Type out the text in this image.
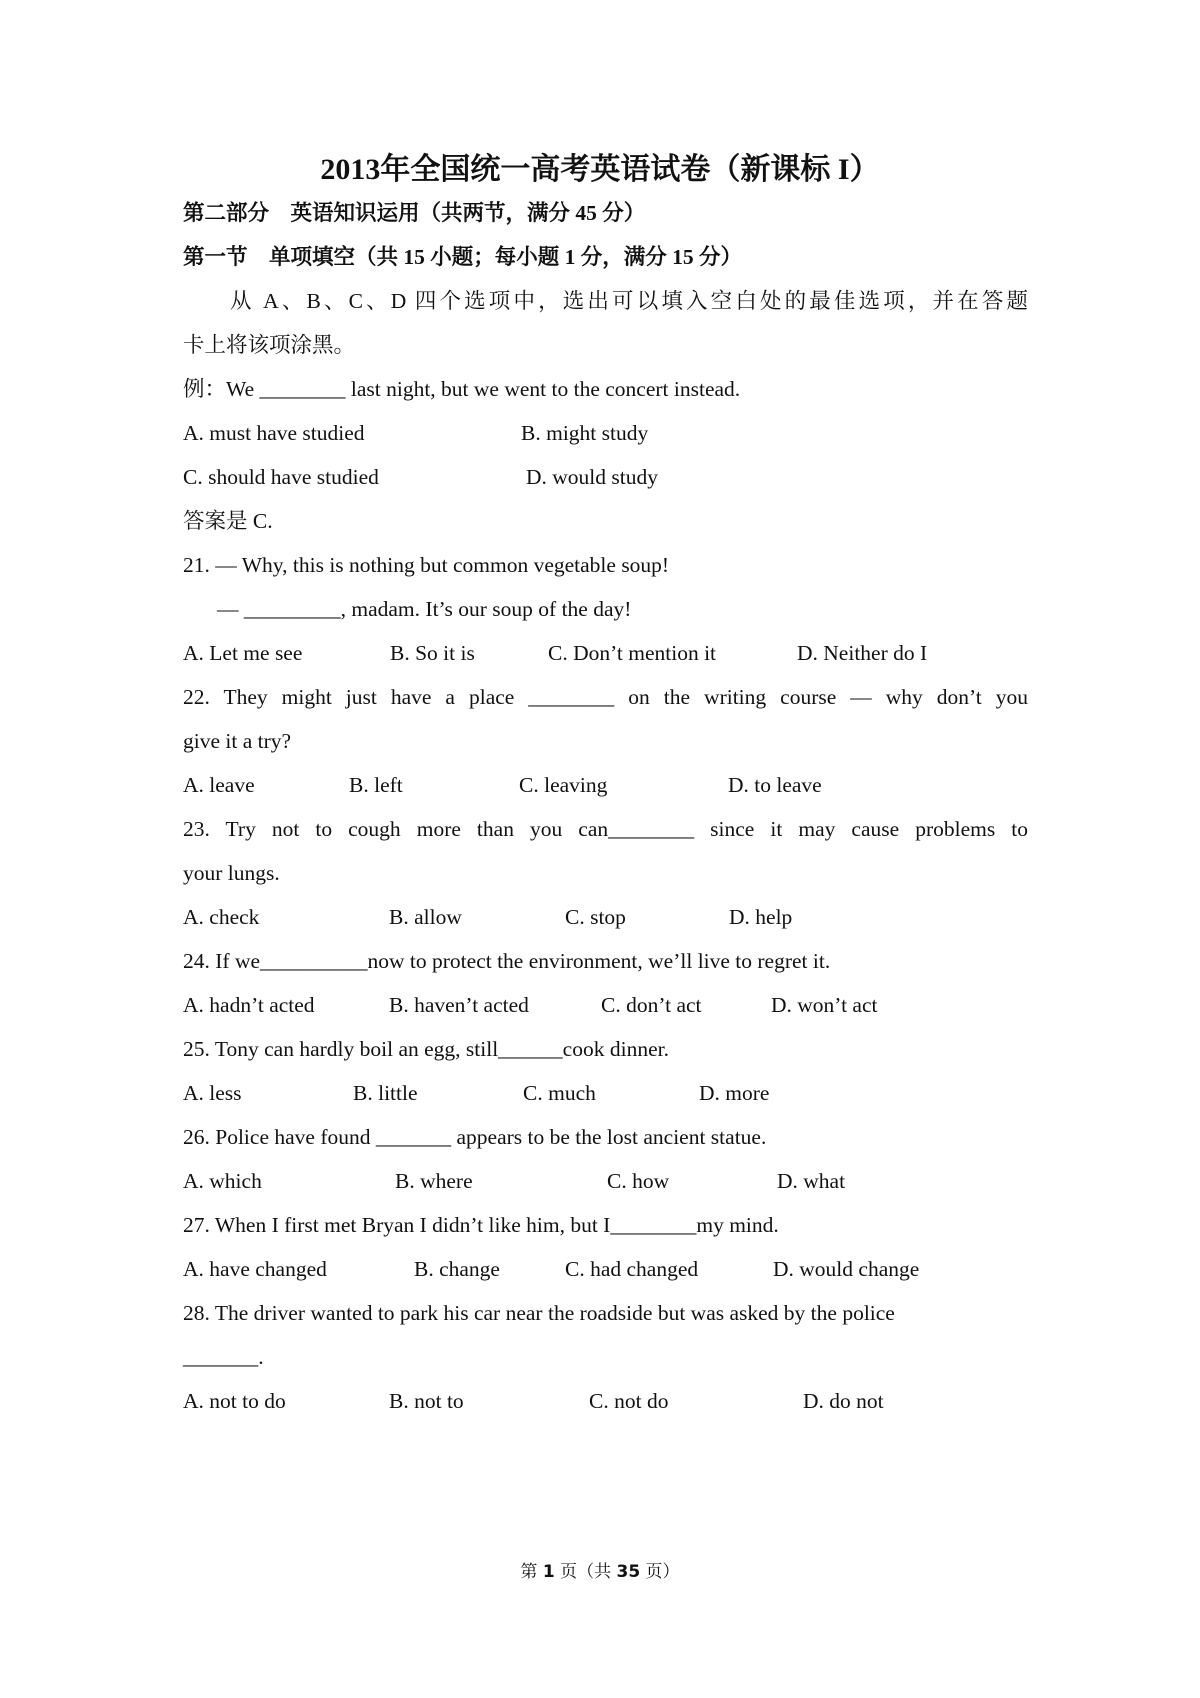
2013年全国统一高考英语试卷（新课标 I）
第二部分　英语知识运用（共两节，满分 45 分）
第一节　单项填空（共 15 小题；每小题 1 分，满分 15 分）
从 A、B、C、D 四个选项中，选出可以填入空白处的最佳选项，并在答题
卡上将该项涂黑。
例：We ________ last night, but we went to the concert instead.
A. must have studied	B. might study
C. should have studied	D. would study
答案是 C.
21. — Why, this is nothing but common vegetable soup!
— _________, madam. It’s our soup of the day!
A. Let me see	B. So it is	C. Don’t mention it	D. Neither do I
22. They might just have a place ________ on the writing course — why don’t you
give it a try?
A. leave	B. left	C. leaving	D. to leave
23. Try not to cough more than you can________ since it may cause problems to
your lungs.
A. check	B. allow	C. stop	D. help
24. If we__________now to protect the environment, we’ll live to regret it.
A. hadn’t acted	B. haven’t acted	C. don’t act	D. won’t act
25. Tony can hardly boil an egg, still______cook dinner.
A. less	B. little	C. much	D. more
26. Police have found _______ appears to be the lost ancient statue.
A. which	B. where	C. how	D. what
27. When I first met Bryan I didn’t like him, but I________my mind.
A. have changed	B. change	C. had changed	D. would change
28. The driver wanted to park his car near the roadside but was asked by the police
_______.
A. not to do	B. not to	C. not do	D. do not
第 1 页（共 35 页）
